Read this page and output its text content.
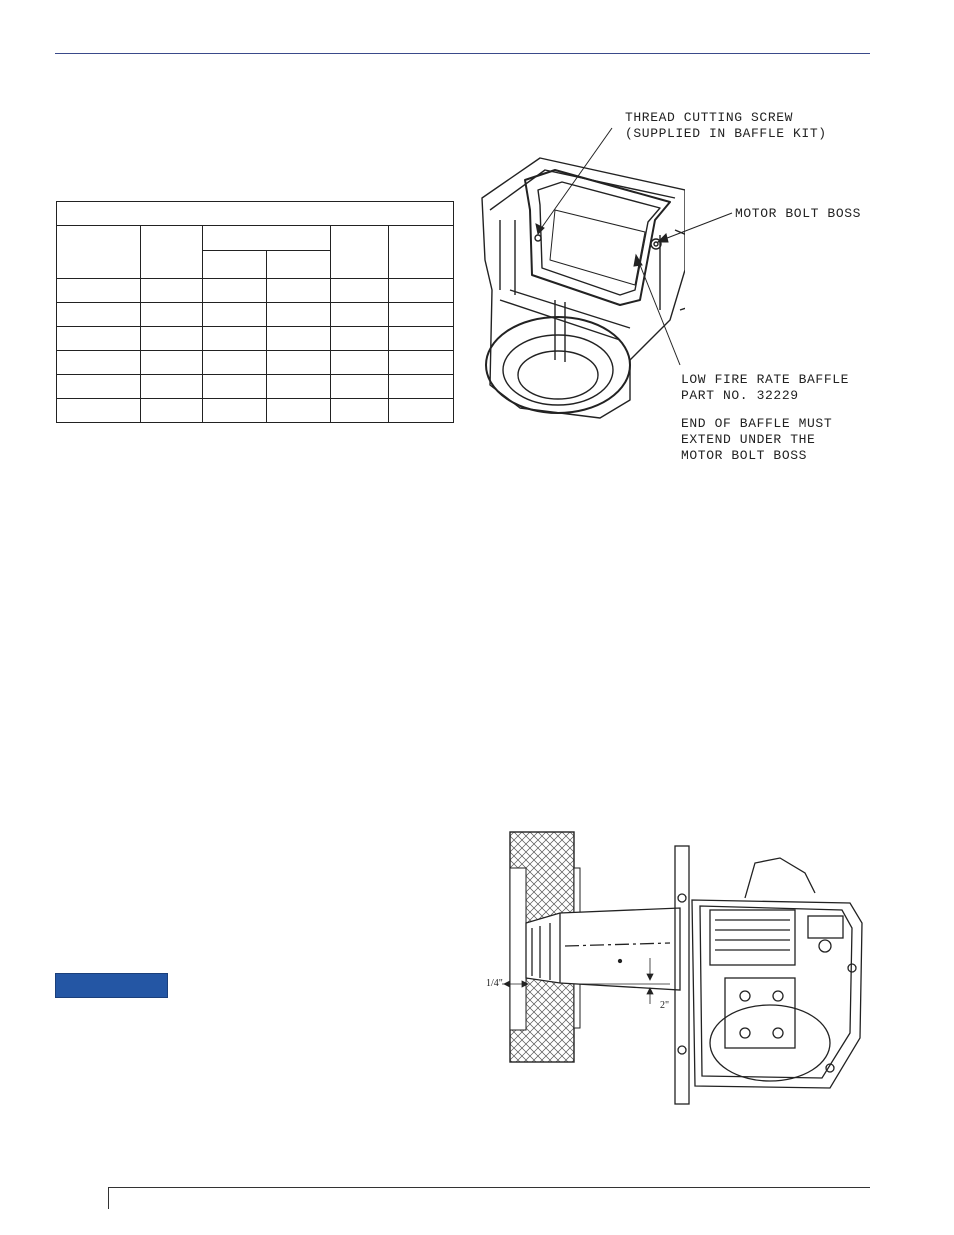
THREAD CUTTING SCREW
(SUPPLIED IN BAFFLE KIT)
MOTOR BOLT BOSS
LOW FIRE RATE BAFFLE
PART NO. 32229
END OF BAFFLE MUST
EXTEND UNDER THE
MOTOR BOLT BOSS
1/4"
2"
